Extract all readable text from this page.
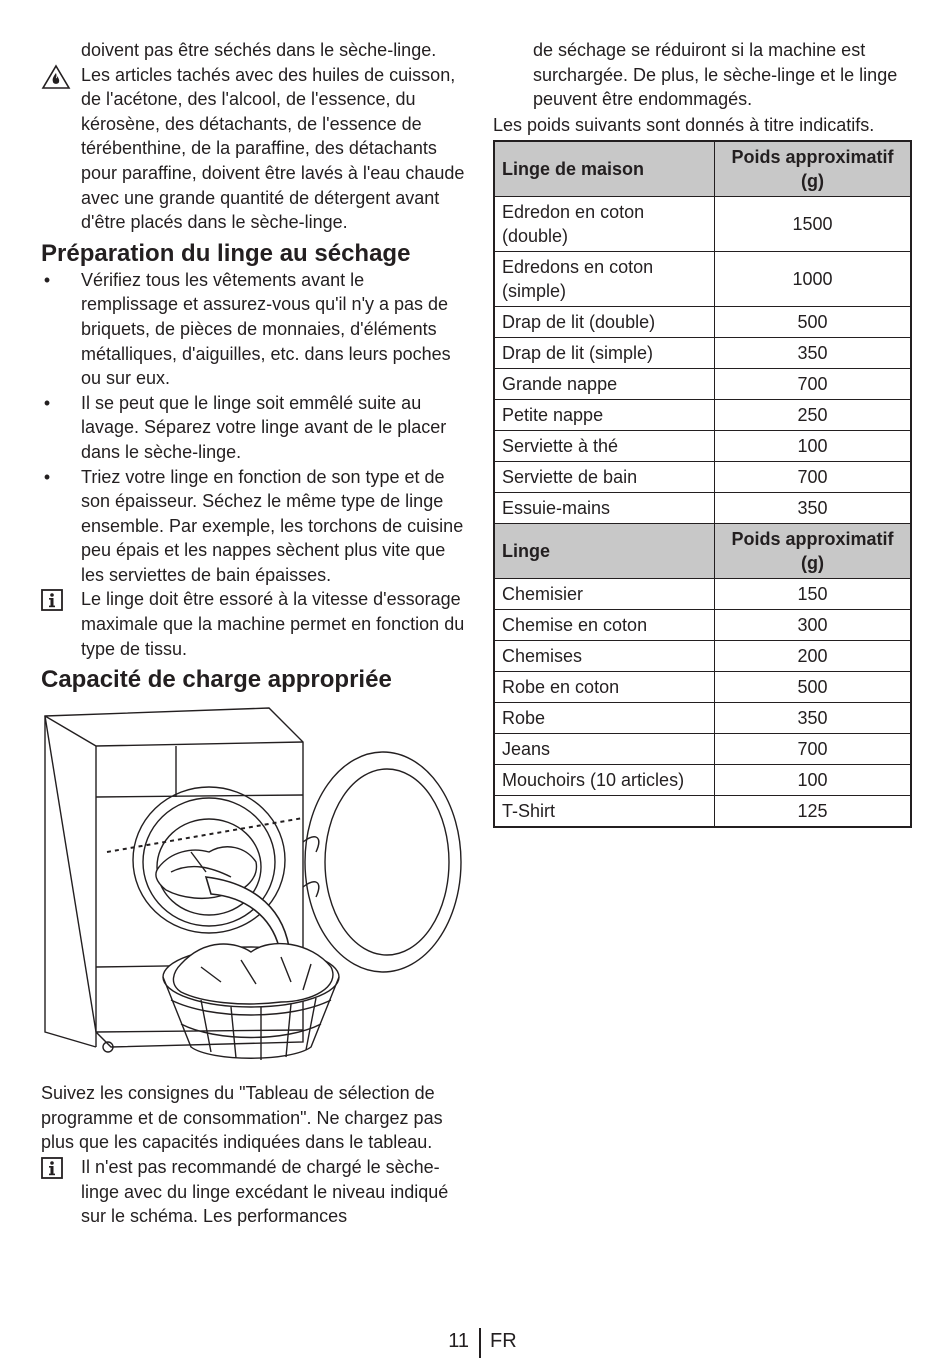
doivent pas être séchés dans le sèche-linge.

Les articles tachés avec des huiles de cuisson, de l'acétone, des l'alcool, de l'essence, du kérosène, des détachants, de l'essence de térébenthine, de la paraffine, des détachants pour paraffine, doivent être lavés à l'eau chaude avec une grande quantité de détergent avant d'être placés dans le sèche-linge.
Préparation du linge au séchage
• Vérifiez tous les vêtements avant le remplissage et assurez-vous qu'il n'y a pas de briquets, de pièces de monnaies, d'éléments métalliques, d'aiguilles, etc. dans leurs poches ou sur eux.
• Il se peut que le linge soit emmêlé suite au lavage. Séparez votre linge avant de le placer dans le sèche-linge.
• Triez votre linge en fonction de son type et de son épaisseur. Séchez le même type de linge ensemble. Par exemple, les torchons de cuisine peu épais et les nappes sèchent plus vite que les serviettes de bain épaisses.
Le linge doit être essoré à la vitesse d'essorage maximale que la machine permet en fonction du type de tissu.
Capacité de charge appropriée

Suivez les consignes du "Tableau de sélection de programme et de consommation". Ne chargez pas plus que les capacités indiquées dans le tableau.

Il n'est pas recommandé de chargé le sèche-linge avec du linge excédant le niveau indiqué sur le schéma. Les performances

de séchage se réduiront si la machine est surchargée. De plus, le sèche-linge et le linge peuvent être endommagés.

Les poids suivants sont donnés à titre indicatifs.

Linge de maison	Poids approximatif (g)
Edredon en coton (double)	1500
Edredons en coton (simple)	1000
Drap de lit (double)	500
Drap de lit (simple)	350
Grande nappe	700
Petite nappe	250
Serviette à thé	100
Serviette de bain	700
Essuie-mains	350
Linge	Poids approximatif (g)
Chemisier	150
Chemise en coton	300
Chemises	200
Robe en coton	500
Robe	350
Jeans	700
Mouchoirs (10 articles)	100
T-Shirt	125
11 FR
